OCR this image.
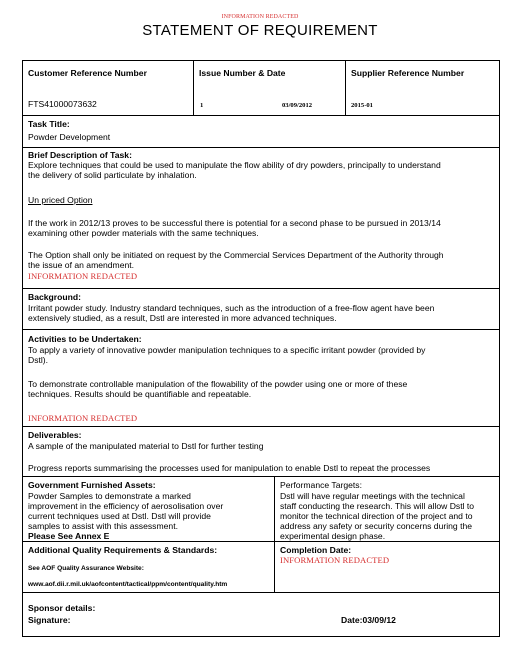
INFORMATION REDACTED
STATEMENT OF REQUIREMENT
Customer Reference Number	Issue Number & Date	Supplier Reference Number
FTS41000073632	1	03/09/2012	2015-01
Task Title:
Powder Development
Brief Description of Task:
Explore techniques that could be used to manipulate the flow ability of dry powders, principally to understand
the delivery of solid particulate by inhalation.
Un priced Option
If the work in 2012/13 proves to be successful there is potential for a second phase to be pursued in 2013/14
examining other powder materials with the same techniques.
The Option shall only be initiated on request by the Commercial Services Department of the Authority through
the issue of an amendment.
INFORMATION REDACTED
Background:
Irritant powder study. Industry standard techniques, such as the introduction of a free-flow agent have been
extensively studied, as a result, Dstl are interested in more advanced techniques.
Activities to be Undertaken:
To apply a variety of innovative powder manipulation techniques to a specific irritant powder (provided by
Dstl).
To demonstrate controllable manipulation of the flowability of the powder using one or more of these
techniques. Results should be quantifiable and repeatable.
INFORMATION REDACTED
Deliverables:
A sample of the manipulated material to Dstl for further testing
Progress reports summarising the processes used for manipulation to enable Dstl to repeat the processes
Government Furnished Assets:
Powder Samples to demonstrate a marked
improvement in the efficiency of aerosolisation over
current techniques used at Dstl. Dstl will provide
samples to assist with this assessment.
Please See Annex E
Performance Targets:
Dstl will have regular meetings with the technical
staff conducting the research. This will allow Dstl to
monitor the technical direction of the project and to
address any safety or security concerns during the
experimental design phase.
Additional Quality Requirements & Standards:
See AOF Quality Assurance Website:
www.aof.dii.r.mil.uk/aofcontent/tactical/ppm/content/quality.htm
Completion Date:
INFORMATION REDACTED
Sponsor details:
Signature:	Date:03/09/12
